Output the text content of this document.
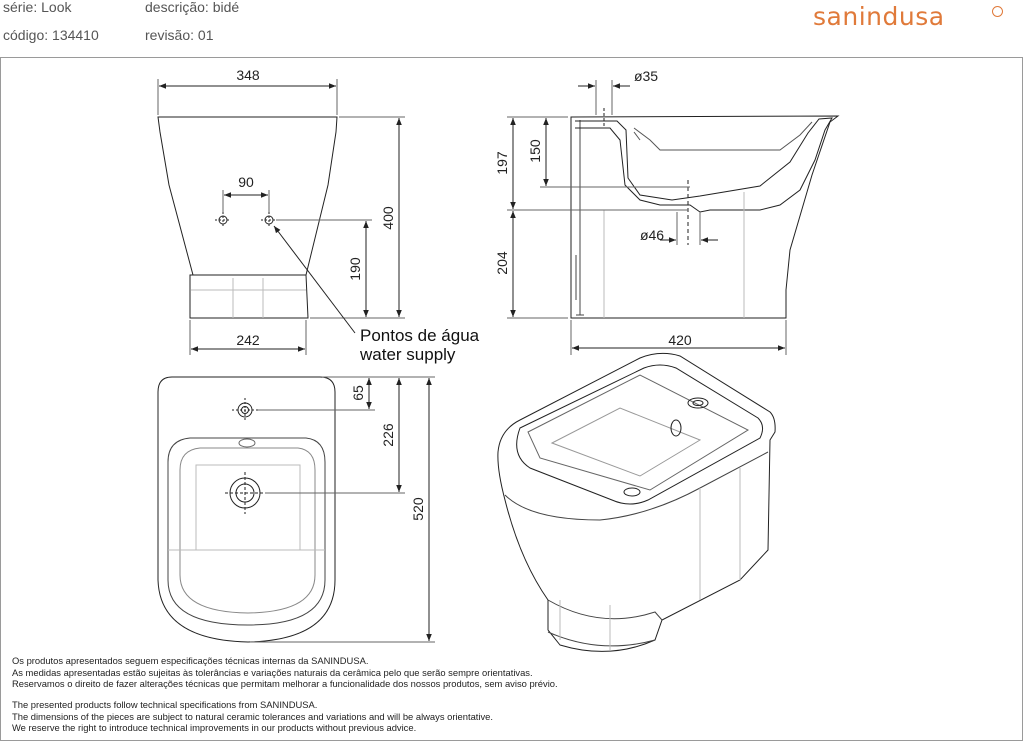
série: Look	descrição: bidé
código: 134410	revisão: 01
sanindusa
348
90
400
190
242
ø35
150
197
204
ø46
420
65
226
520
Pontos de água
water supply
Os produtos apresentados seguem especificações técnicas internas da SANINDUSA.
As medidas apresentadas estão sujeitas às tolerâncias e variações naturais da cerâmica pelo que serão sempre orientativas.
Reservamos o direito de fazer alterações técnicas que permitam melhorar a funcionalidade dos nossos produtos, sem aviso prévio.
The presented products follow technical specifications from SANINDUSA.
The dimensions of the pieces are subject to natural ceramic tolerances and variations and will be always orientative.
We reserve the right to introduce technical improvements in our products without previous advice.
